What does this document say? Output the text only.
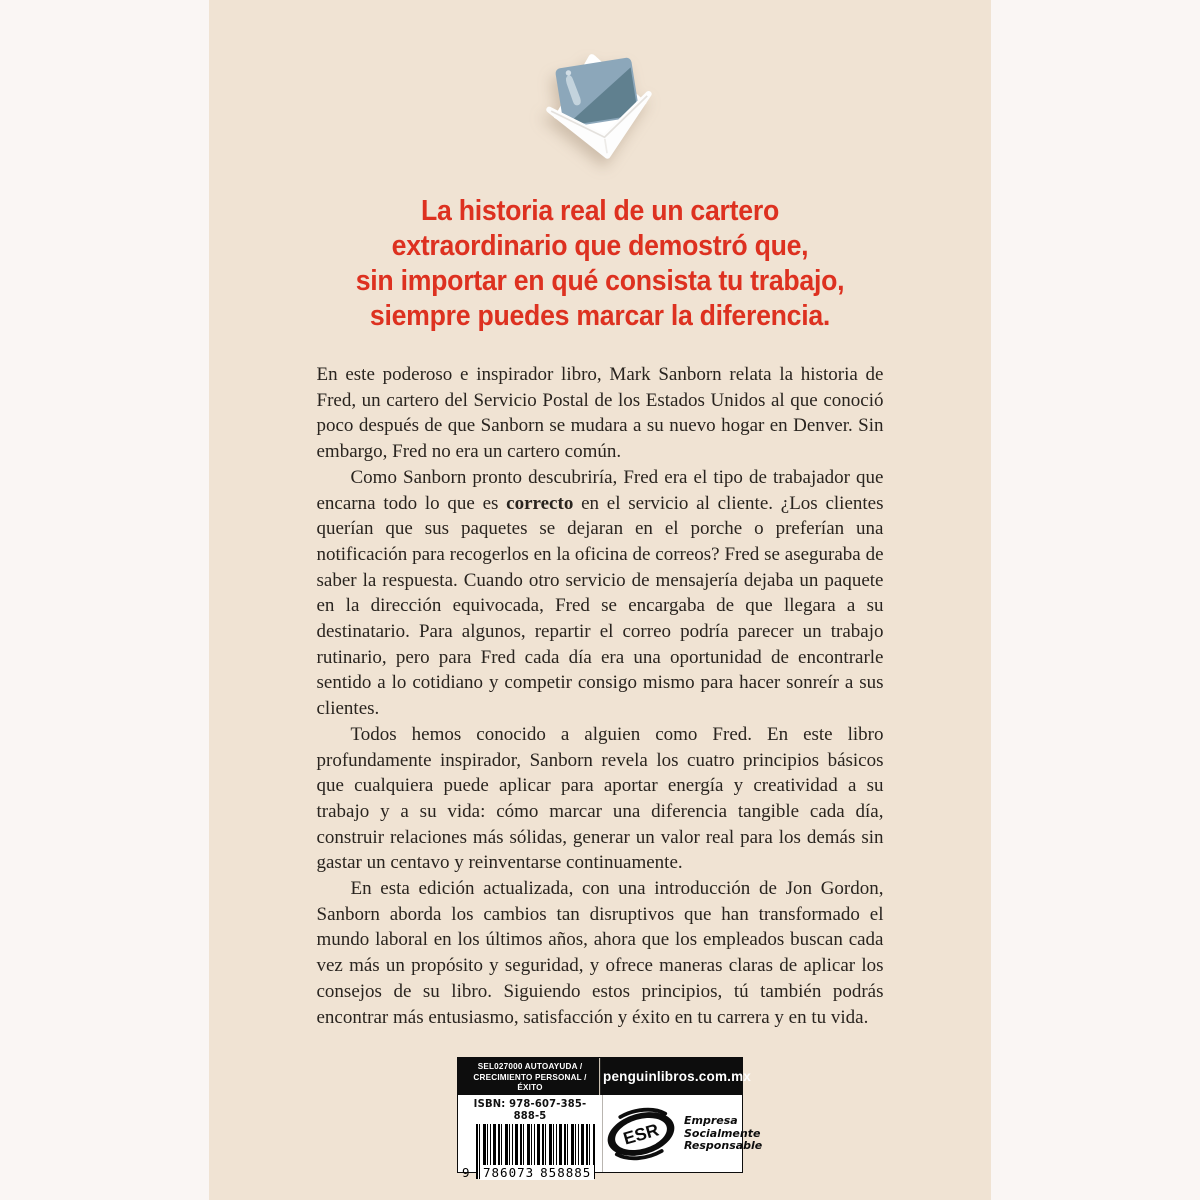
La historia real de un cartero
extraordinario que demostró que,
sin importar en qué consista tu trabajo,
siempre puedes marcar la diferencia.

En este poderoso e inspirador libro, Mark Sanborn relata la historia de Fred, un cartero del Servicio Postal de los Estados Unidos al que conoció poco después de que Sanborn se mudara a su nuevo hogar en Denver. Sin embargo, Fred no era un cartero común.

Como Sanborn pronto descubriría, Fred era el tipo de trabajador que encarna todo lo que es correcto en el servicio al cliente. ¿Los clientes querían que sus paquetes se dejaran en el porche o preferían una notificación para recogerlos en la oficina de correos? Fred se aseguraba de saber la respuesta. Cuando otro servicio de mensajería dejaba un paquete en la dirección equivocada, Fred se encargaba de que llegara a su destinatario. Para algunos, repartir el correo podría parecer un trabajo rutinario, pero para Fred cada día era una oportunidad de encontrarle sentido a lo cotidiano y competir consigo mismo para hacer sonreír a sus clientes.

Todos hemos conocido a alguien como Fred. En este libro profundamente inspirador, Sanborn revela los cuatro principios básicos que cualquiera puede aplicar para aportar energía y creatividad a su trabajo y a su vida: cómo marcar una diferencia tangible cada día, construir relaciones más sólidas, generar un valor real para los demás sin gastar un centavo y reinventarse continuamente.

En esta edición actualizada, con una introducción de Jon Gordon, Sanborn aborda los cambios tan disruptivos que han transformado el mundo laboral en los últimos años, ahora que los empleados buscan cada vez más un propósito y seguridad, y ofrece maneras claras de aplicar los consejos de su libro. Siguiendo estos principios, tú también podrás encontrar más entusiasmo, satisfacción y éxito en tu carrera y en tu vida.

SEL027000 AUTOAYUDA /
CRECIMIENTO PERSONAL / ÉXITO
penguinlibros.com.mx
ISBN: 978-607-385-888-5
9 786073 858885
ESR Empresa
Socialmente
Responsable
